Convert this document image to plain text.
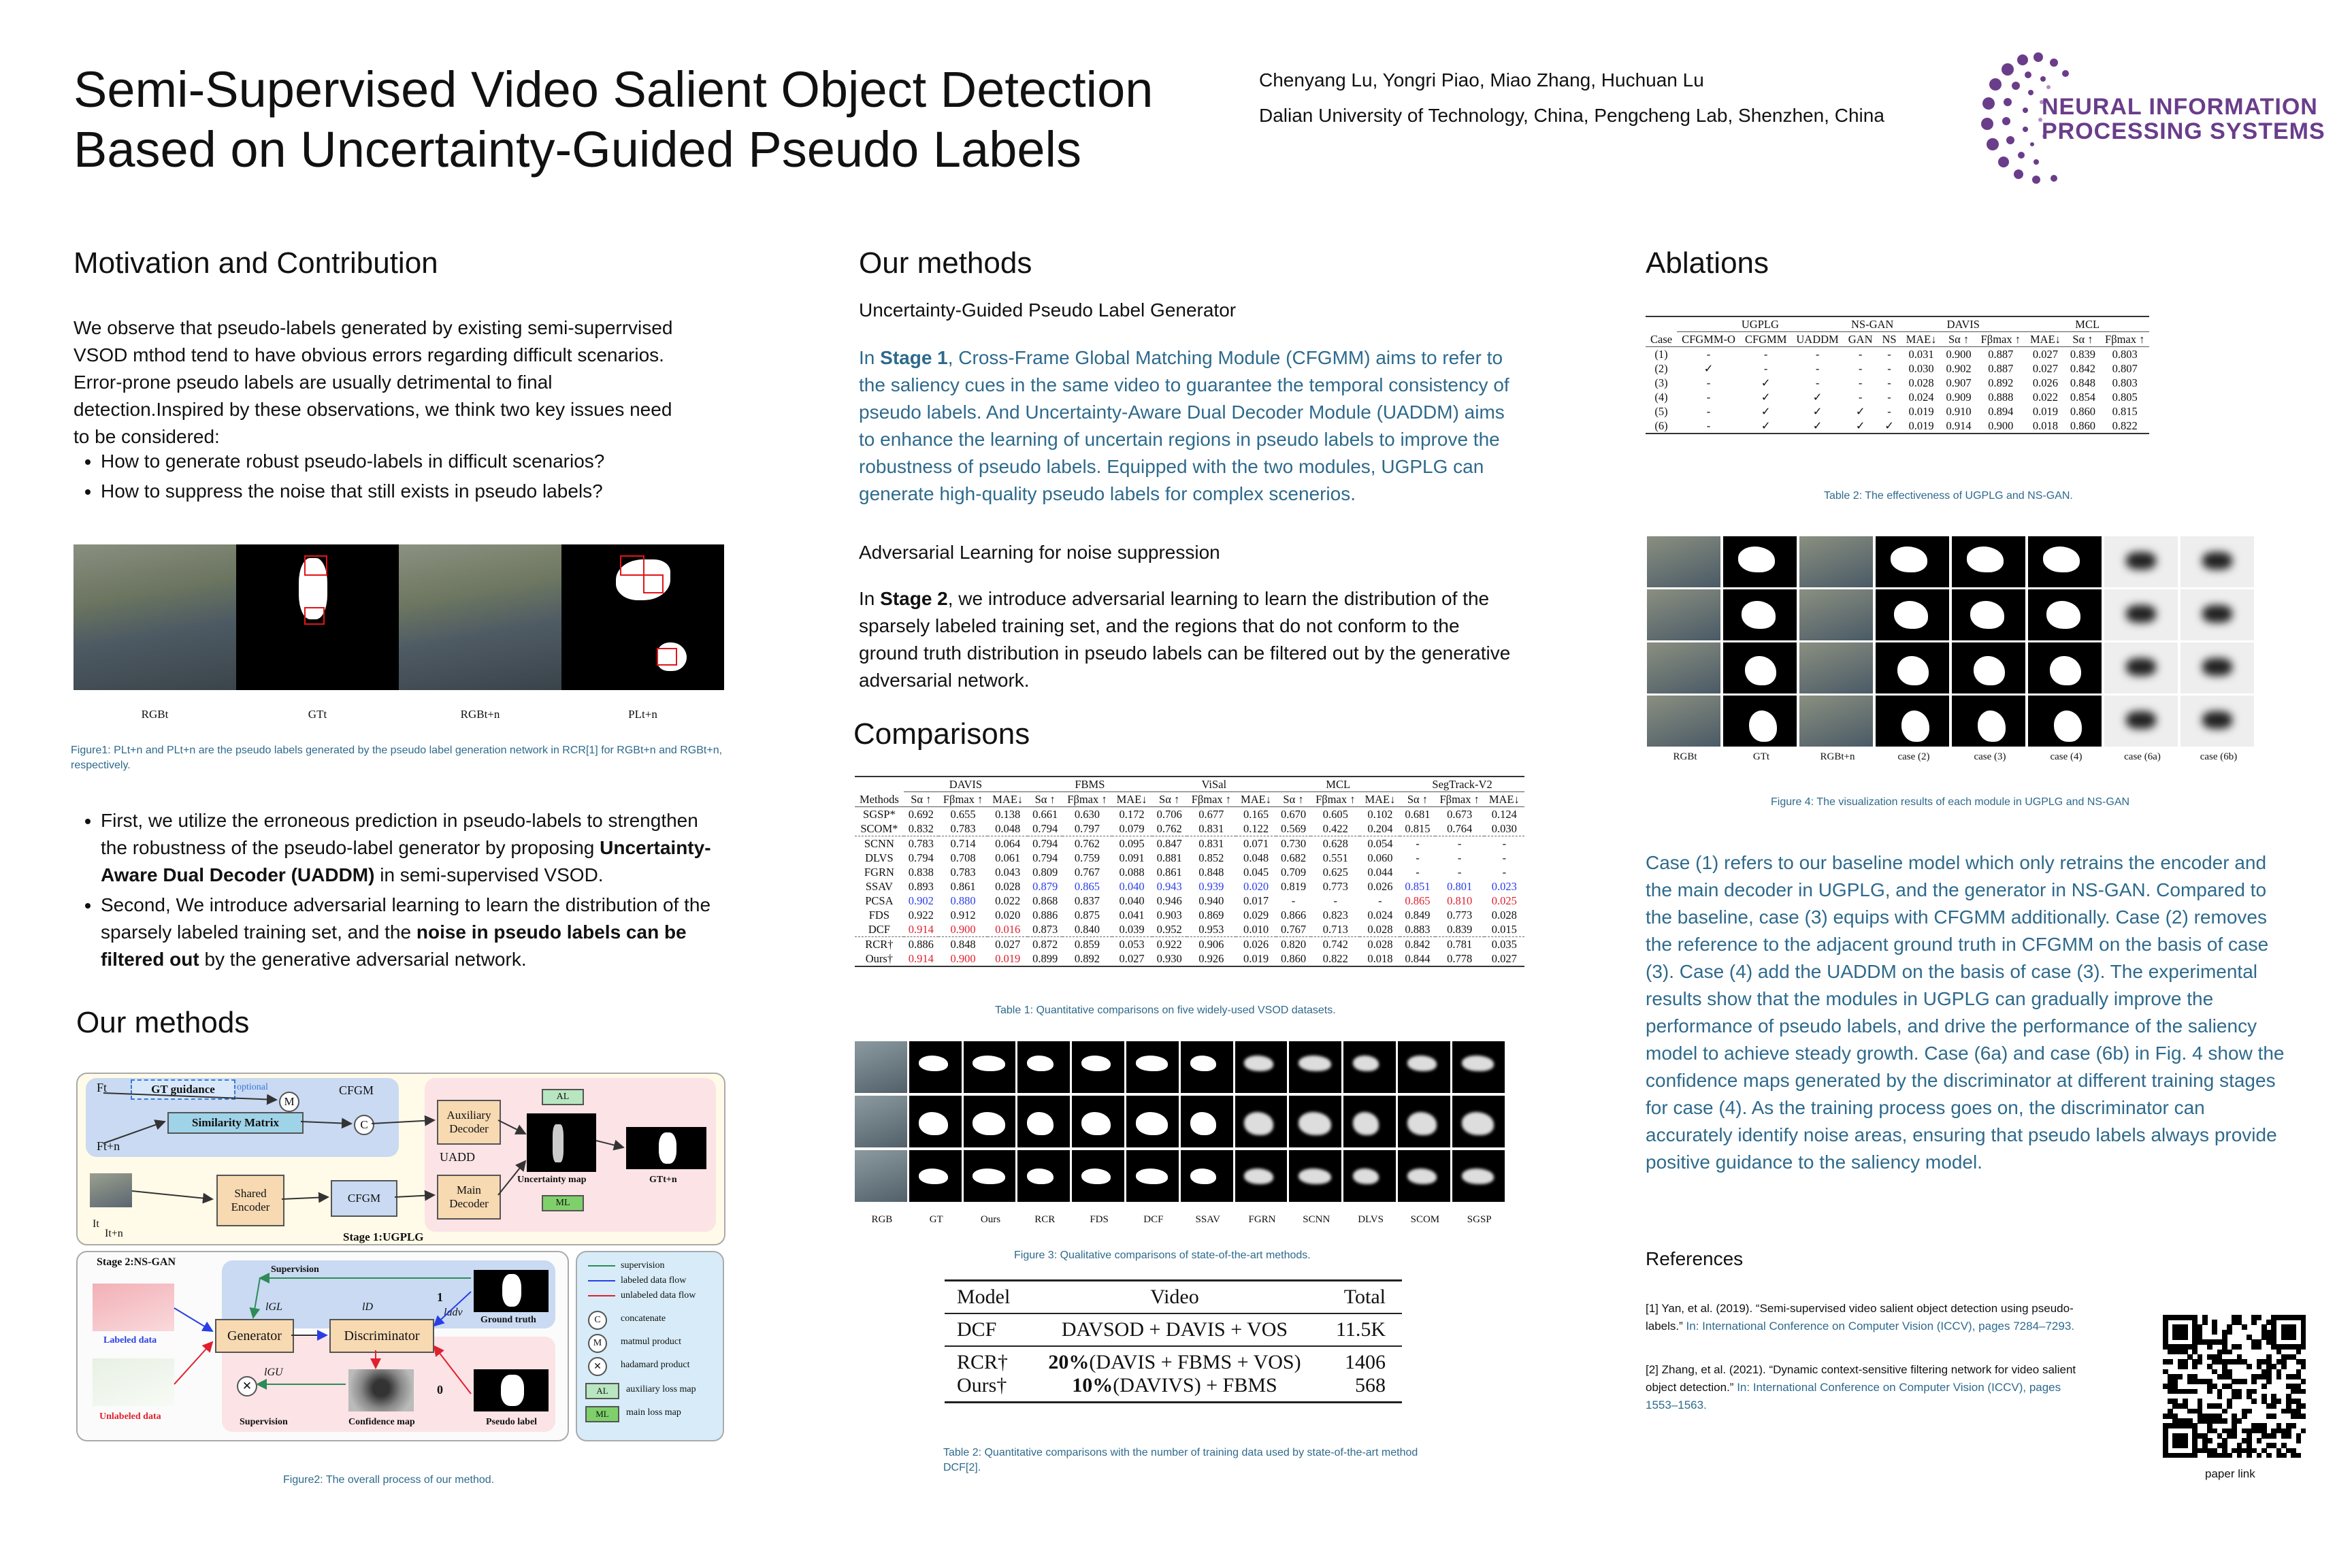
Semi-Supervised Video Salient Object Detection
Based on Uncertainty-Guided Pseudo Labels
Chenyang Lu, Yongri Piao, Miao Zhang, Huchuan Lu
Dalian University of Technology, China, Pengcheng Lab, Shenzhen, China	NEURAL INFORMATION
PROCESSING SYSTEMS
Motivation and Contribution
We observe that pseudo-labels generated by existing semi-superrvised VSOD mthod tend to have obvious errors regarding difficult scenarios. Error-prone pseudo labels are usually detrimental to final detection.Inspired by these observations, we think two key issues need to be considered:
• How to generate robust pseudo-labels in difficult scenarios?
• How to suppress the noise that still exists in pseudo labels?
RGBt	GTt	RGBt+n	PLt+n
Figure1: PLt+n and PLt+n are the pseudo labels generated by the pseudo label generation network in RCR[1] for RGBt+n and RGBt+n, respectively.
• First, we utilize the erroneous prediction in pseudo-labels to strengthen the robustness of the pseudo-label generator by proposing Uncertainty-Aware Dual Decoder (UADDM) in semi-supervised VSOD.
• Second, We introduce adversarial learning to learn the distribution of the sparsely labeled training set, and the noise in pseudo labels can be filtered out by the generative adversarial network.
Our methods
Ft
Ft+n
GT guidance	optional
Similarity Matrix
M
C
CFGM
It
It+n
Shared Encoder
CFGM
Auxiliary Decoder
Main Decoder
UADD
AL
ML
Uncertainty map	GTt+n
Stage 1:UGPLG
Stage 2:NS-GAN
Labeled data
Unlabeled data
Supervision
Generator	Discriminator
lGL	lD	ladv
1
0
Ground truth
✕
lGU
Confidence map	Pseudo label
Supervision
supervision
labeled data flow
unlabeled data flow
C	concatenate
M	matmul product
✕	hadamard product
AL	auxiliary loss map
ML	main loss map
Figure2: The overall process of our method.
Our methods
Uncertainty-Guided Pseudo Label Generator
In Stage 1, Cross-Frame Global Matching Module (CFGMM) aims to refer to the saliency cues in the same video to guarantee the temporal consistency of pseudo labels. And Uncertainty-Aware Dual Decoder Module (UADDM) aims to enhance the learning of uncertain regions in pseudo labels to improve the robustness of pseudo labels. Equipped with the two modules, UGPLG can generate high-quality pseudo labels for complex scenerios.
Adversarial Learning for noise suppression
In Stage 2, we introduce adversarial learning to learn the distribution of the sparsely labeled training set, and the regions that do not conform to the ground truth distribution in pseudo labels can be filtered out by the generative adversarial network.
Comparisons
	DAVIS			FBMS			ViSal			MCL			SegTrack-V2		
Methods	Sα ↑	Fβmax ↑	MAE↓	Sα ↑	Fβmax ↑	MAE↓	Sα ↑	Fβmax ↑	MAE↓	Sα ↑	Fβmax ↑	MAE↓	Sα ↑	Fβmax ↑	MAE↓
SGSP*	0.692	0.655	0.138	0.661	0.630	0.172	0.706	0.677	0.165	0.670	0.605	0.102	0.681	0.673	0.124
SCOM*	0.832	0.783	0.048	0.794	0.797	0.079	0.762	0.831	0.122	0.569	0.422	0.204	0.815	0.764	0.030
SCNN	0.783	0.714	0.064	0.794	0.762	0.095	0.847	0.831	0.071	0.730	0.628	0.054	-	-	-
DLVS	0.794	0.708	0.061	0.794	0.759	0.091	0.881	0.852	0.048	0.682	0.551	0.060	-	-	-
FGRN	0.838	0.783	0.043	0.809	0.767	0.088	0.861	0.848	0.045	0.709	0.625	0.044	-	-	-
SSAV	0.893	0.861	0.028	0.879	0.865	0.040	0.943	0.939	0.020	0.819	0.773	0.026	0.851	0.801	0.023
PCSA	0.902	0.880	0.022	0.868	0.837	0.040	0.946	0.940	0.017	-	-	-	0.865	0.810	0.025
FDS	0.922	0.912	0.020	0.886	0.875	0.041	0.903	0.869	0.029	0.866	0.823	0.024	0.849	0.773	0.028
DCF	0.914	0.900	0.016	0.873	0.840	0.039	0.952	0.953	0.010	0.767	0.713	0.028	0.883	0.839	0.015
RCR†	0.886	0.848	0.027	0.872	0.859	0.053	0.922	0.906	0.026	0.820	0.742	0.028	0.842	0.781	0.035
Ours†	0.914	0.900	0.019	0.899	0.892	0.027	0.930	0.926	0.019	0.860	0.822	0.018	0.844	0.778	0.027
Table 1: Quantitative comparisons on five widely-used VSOD datasets.
RGB	GT	Ours	RCR	FDS	DCF	SSAV	FGRN	SCNN	DLVS	SCOM	SGSP
Figure 3: Qualitative comparisons of state-of-the-art methods.
Model	Video	Total
DCF	DAVSOD + DAVIS + VOS	11.5K
RCR†	20%(DAVIS + FBMS + VOS)	1406
Ours†	10%(DAVIVS) + FBMS	568
Table 2: Quantitative comparisons with the number of training data used by state-of-the-art method DCF[2].
Ablations
	UGPLG			NS-GAN		DAVIS			MCL		
Case	CFGMM-O	CFGMM	UADDM	GAN	NS	MAE↓	Sα ↑	Fβmax ↑	MAE↓	Sα ↑	Fβmax ↑
(1)	-	-	-	-	-	0.031	0.900	0.887	0.027	0.839	0.803
(2)	✓	-	-	-	-	0.030	0.902	0.887	0.027	0.842	0.807
(3)	-	✓	-	-	-	0.028	0.907	0.892	0.026	0.848	0.803
(4)	-	✓	✓	-	-	0.024	0.909	0.888	0.022	0.854	0.805
(5)	-	✓	✓	✓	-	0.019	0.910	0.894	0.019	0.860	0.815
(6)	-	✓	✓	✓	✓	0.019	0.914	0.900	0.018	0.860	0.822
Table 2: The effectiveness of UGPLG and NS-GAN.
RGBt	GTt	RGBt+n	case (2)	case (3)	case (4)	case (6a)	case (6b)
Figure 4: The visualization results of each module in UGPLG and NS-GAN
Case (1) refers to our baseline model which only retrains the encoder and the main decoder in UGPLG, and the generator in NS-GAN. Compared to the baseline, case (3) equips with CFGMM additionally. Case (2) removes the reference to the adjacent ground truth in CFGMM on the basis of case (3). Case (4) add the UADDM on the basis of case (3). The experimental results show that the modules in UGPLG can gradually improve the performance of pseudo labels, and drive the performance of the saliency model to achieve steady growth. Case (6a) and case (6b) in Fig. 4 show the confidence maps generated by the discriminator at different training stages for case (4). As the training process goes on, the discriminator can accurately identify noise areas, ensuring that pseudo labels always provide positive guidance to the saliency model.
References
[1] Yan, et al. (2019). “Semi-supervised video salient object detection using pseudo-labels.” In: International Conference on Computer Vision (ICCV), pages 7284–7293.
[2] Zhang, et al. (2021). “Dynamic context-sensitive filtering network for video salient object detection.” In: International Conference on Computer Vision (ICCV), pages 1553–1563.
paper link
